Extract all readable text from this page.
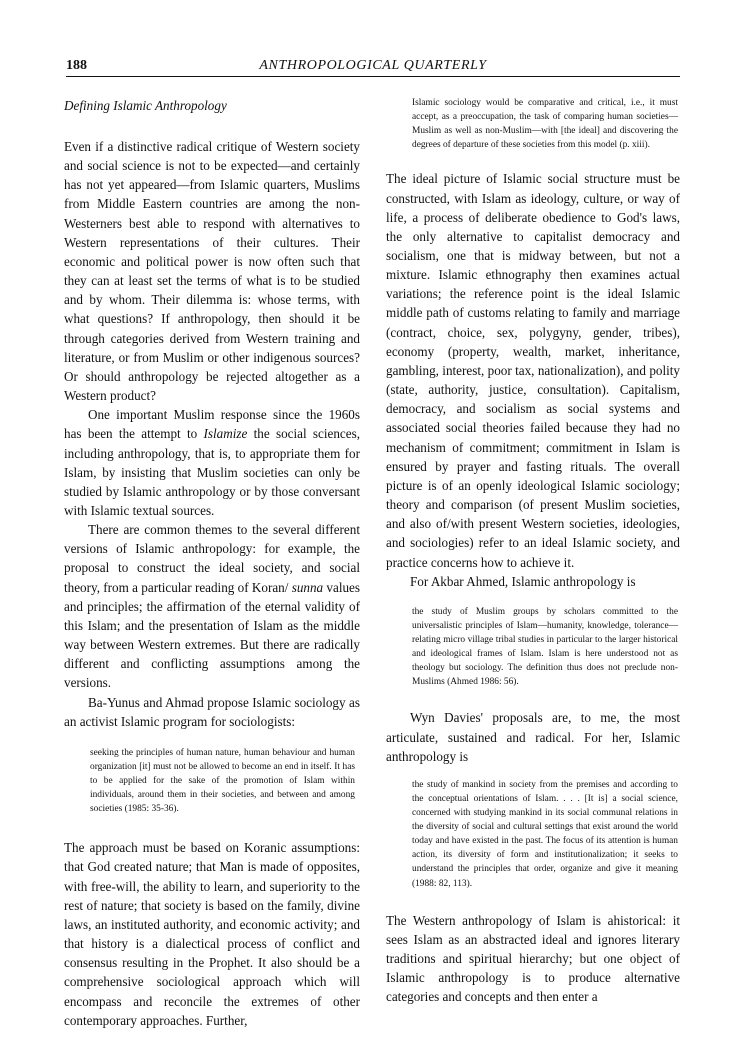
188	ANTHROPOLOGICAL QUARTERLY

Defining Islamic Anthropology

Even if a distinctive radical critique of Western society and social science is not to be expected—and certainly has not yet appeared—from Islamic quarters, Muslims from Middle Eastern countries are among the non-Westerners best able to respond with alternatives to Western representations of their cultures. Their economic and political power is now often such that they can at least set the terms of what is to be studied and by whom. Their dilemma is: whose terms, with what questions? If anthropology, then should it be through categories derived from Western training and literature, or from Muslim or other indigenous sources? Or should anthropology be rejected altogether as a Western product?

One important Muslim response since the 1960s has been the attempt to Islamize the social sciences, including anthropology, that is, to appropriate them for Islam, by insisting that Muslim societies can only be studied by Islamic anthropology or by those conversant with Islamic textual sources.

There are common themes to the several different versions of Islamic anthropology: for example, the proposal to construct the ideal society, and social theory, from a particular reading of Koran/ sunna values and principles; the affirmation of the eternal validity of this Islam; and the presentation of Islam as the middle way between Western extremes. But there are radically different and conflicting assumptions among the versions.

Ba-Yunus and Ahmad propose Islamic sociology as an activist Islamic program for sociologists:

seeking the principles of human nature, human behaviour and human organization [it] must not be allowed to become an end in itself. It has to be applied for the sake of the promotion of Islam within individuals, around them in their societies, and between and among societies (1985: 35-36).

The approach must be based on Koranic assumptions: that God created nature; that Man is made of opposites, with free-will, the ability to learn, and superiority to the rest of nature; that society is based on the family, divine laws, an instituted authority, and economic activity; and that history is a dialectical process of conflict and consensus resulting in the Prophet. It also should be a comprehensive sociological approach which will encompass and reconcile the extremes of other contemporary approaches. Further,

Islamic sociology would be comparative and critical, i.e., it must accept, as a preoccupation, the task of comparing human societies—Muslim as well as non-Muslim—with [the ideal] and discovering the degrees of departure of these societies from this model (p. xiii).

The ideal picture of Islamic social structure must be constructed, with Islam as ideology, culture, or way of life, a process of deliberate obedience to God's laws, the only alternative to capitalist democracy and socialism, one that is midway between, but not a mixture. Islamic ethnography then examines actual variations; the reference point is the ideal Islamic middle path of customs relating to family and marriage (contract, choice, sex, polygyny, gender, tribes), economy (property, wealth, market, inheritance, gambling, interest, poor tax, nationalization), and polity (state, authority, justice, consultation). Capitalism, democracy, and socialism as social systems and associated social theories failed because they had no mechanism of commitment; commitment in Islam is ensured by prayer and fasting rituals. The overall picture is of an openly ideological Islamic sociology; theory and comparison (of present Muslim societies, and also of/with present Western societies, ideologies, and sociologies) refer to an ideal Islamic society, and practice concerns how to achieve it.

For Akbar Ahmed, Islamic anthropology is

the study of Muslim groups by scholars committed to the universalistic principles of Islam—humanity, knowledge, tolerance—relating micro village tribal studies in particular to the larger historical and ideological frames of Islam. Islam is here understood not as theology but sociology. The definition thus does not preclude non-Muslims (Ahmed 1986: 56).

Wyn Davies' proposals are, to me, the most articulate, sustained and radical. For her, Islamic anthropology is

the study of mankind in society from the premises and according to the conceptual orientations of Islam. . . . [It is] a social science, concerned with studying mankind in its social communal relations in the diversity of social and cultural settings that exist around the world today and have existed in the past. The focus of its attention is human action, its diversity of form and institutionalization; it seeks to understand the principles that order, organize and give it meaning (1988: 82, 113).

The Western anthropology of Islam is ahistorical: it sees Islam as an abstracted ideal and ignores literary traditions and spiritual hierarchy; but one object of Islamic anthropology is to produce alternative categories and concepts and then enter a
